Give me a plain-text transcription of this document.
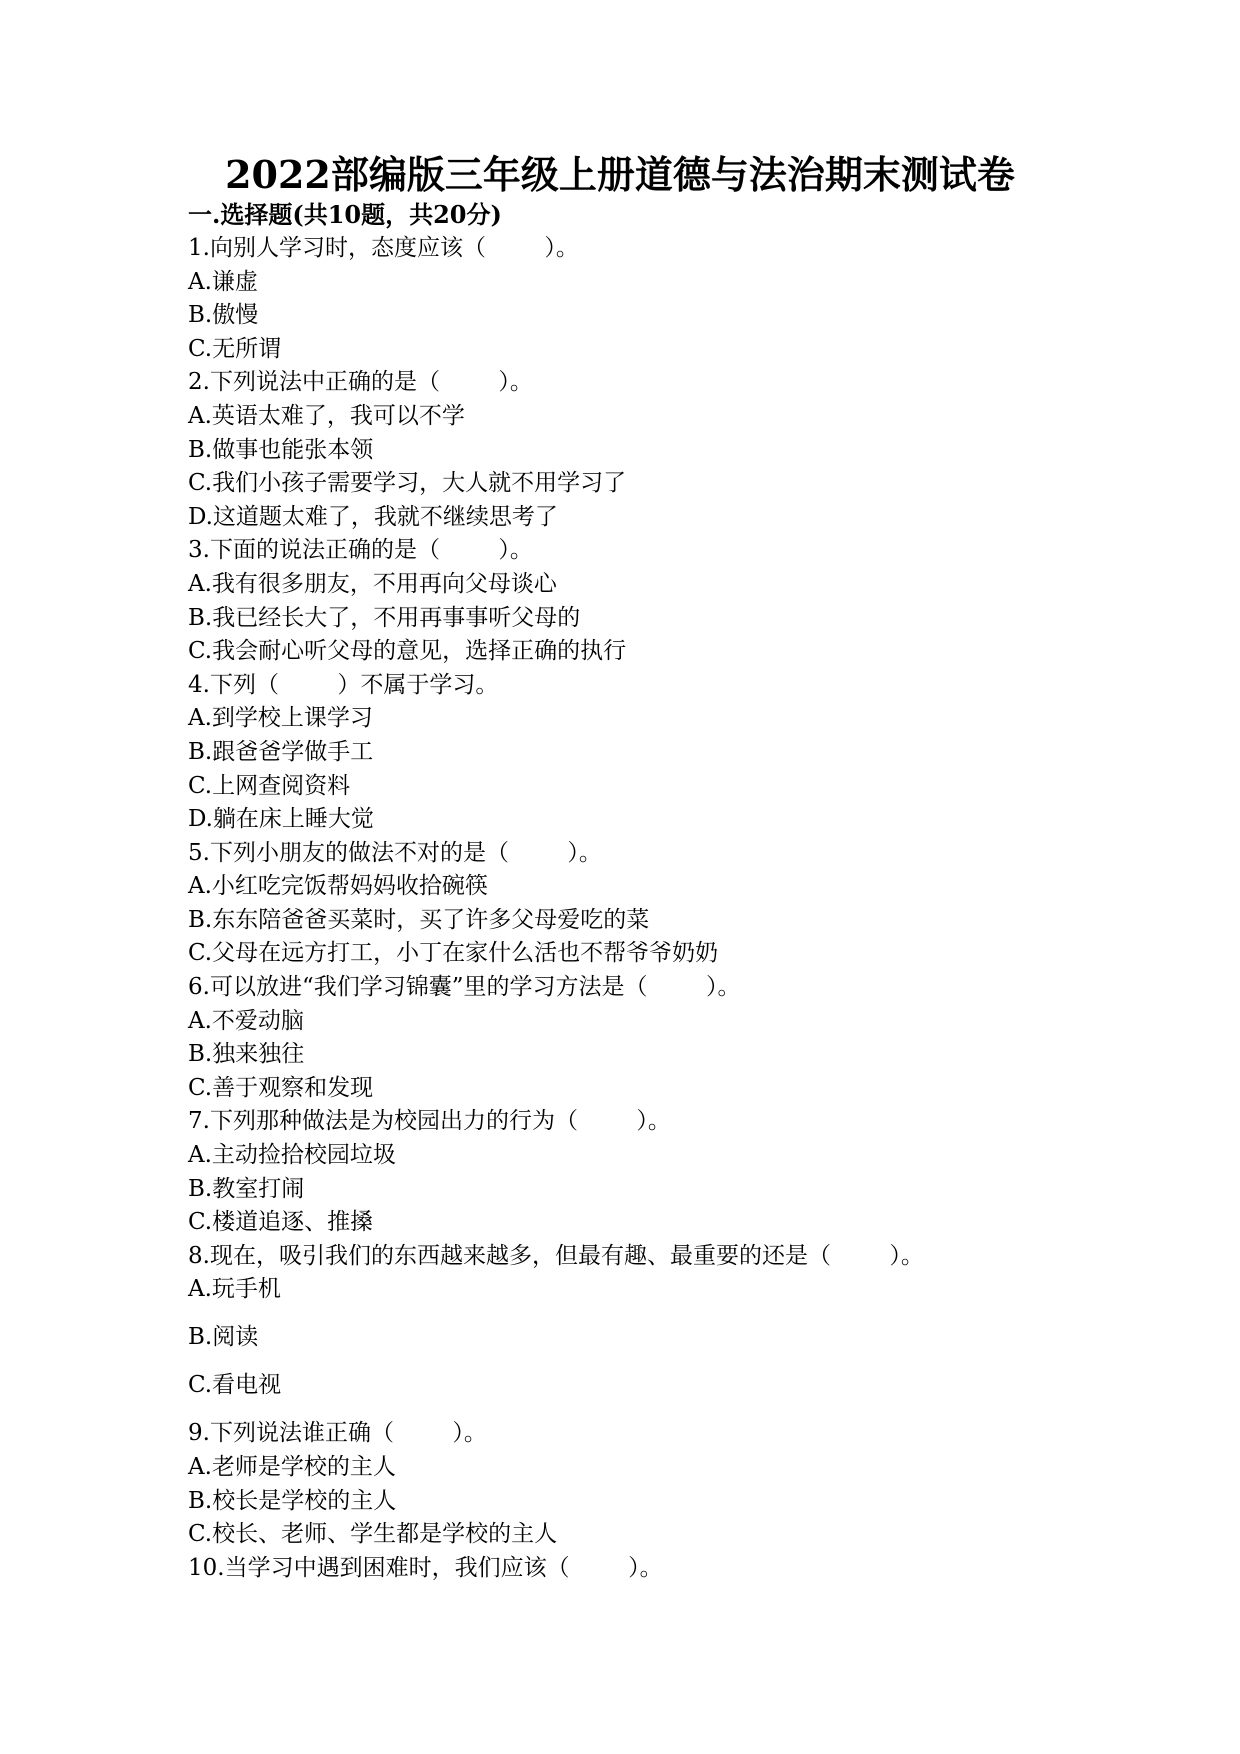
2022部编版三年级上册道德与法治期末测试卷
一.选择题(共10题，共20分)
1.向别人学习时，态度应该（        ）。
A.谦虚
B.傲慢
C.无所谓
2.下列说法中正确的是（        ）。
A.英语太难了，我可以不学
B.做事也能张本领
C.我们小孩子需要学习，大人就不用学习了
D.这道题太难了，我就不继续思考了
3.下面的说法正确的是（        ）。
A.我有很多朋友，不用再向父母谈心
B.我已经长大了，不用再事事听父母的
C.我会耐心听父母的意见，选择正确的执行
4.下列（        ）不属于学习。
A.到学校上课学习
B.跟爸爸学做手工
C.上网查阅资料
D.躺在床上睡大觉
5.下列小朋友的做法不对的是（        ）。
A.小红吃完饭帮妈妈收拾碗筷
B.东东陪爸爸买菜时，买了许多父母爱吃的菜
C.父母在远方打工，小丁在家什么活也不帮爷爷奶奶
6.可以放进“我们学习锦囊”里的学习方法是（        ）。
A.不爱动脑
B.独来独往
C.善于观察和发现
7.下列那种做法是为校园出力的行为（        ）。
A.主动捡拾校园垃圾
B.教室打闹
C.楼道追逐、推搡
8.现在，吸引我们的东西越来越多，但最有趣、最重要的还是（        ）。
A.玩手机
B.阅读
C.看电视
9.下列说法谁正确（        ）。
A.老师是学校的主人
B.校长是学校的主人
C.校长、老师、学生都是学校的主人
10.当学习中遇到困难时，我们应该（        ）。
